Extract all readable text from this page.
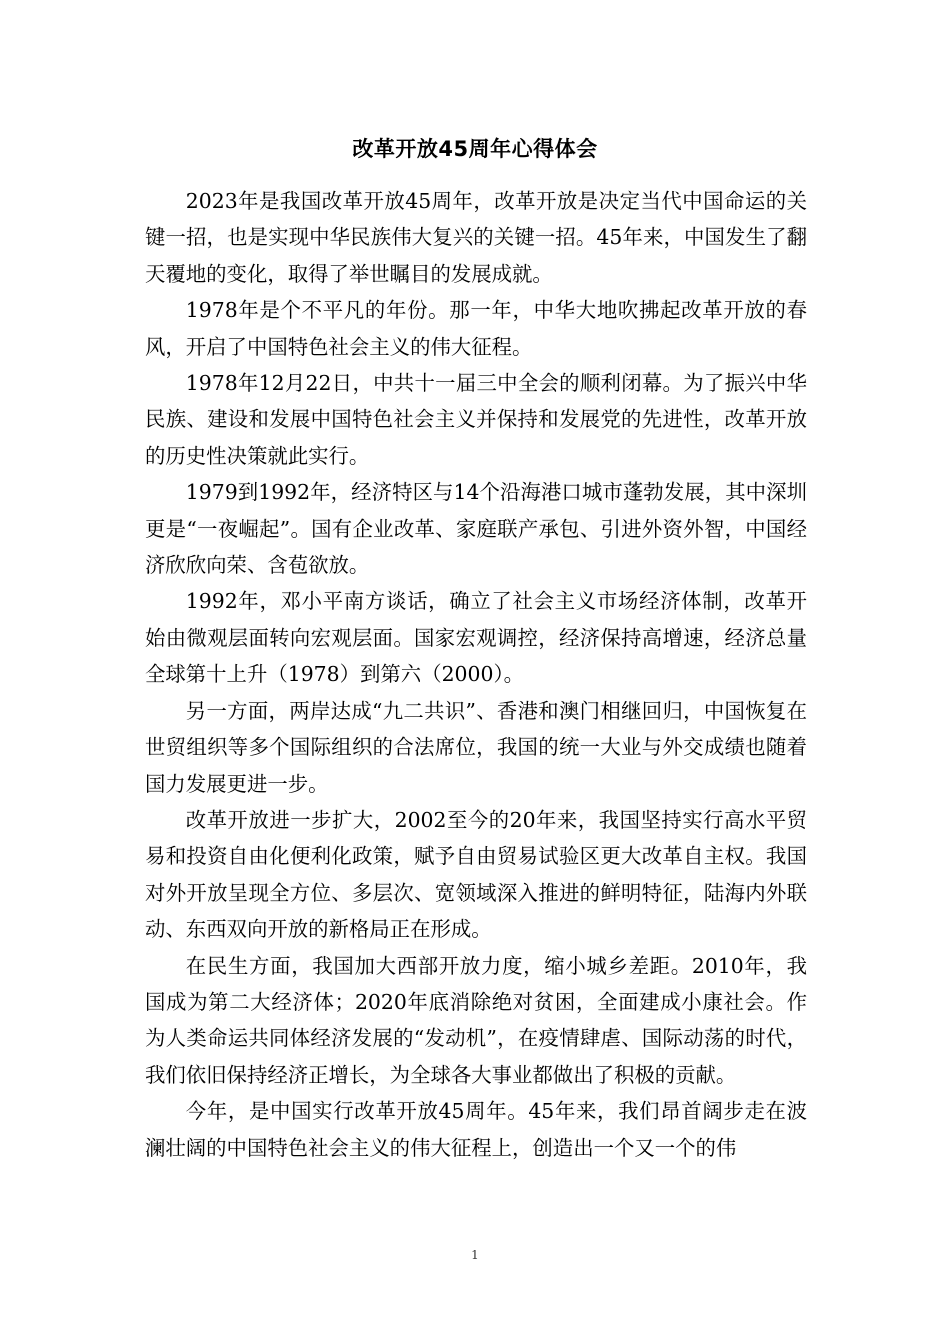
改革开放45周年心得体会

2023年是我国改革开放45周年，改革开放是决定当代中国命运的关键一招，也是实现中华民族伟大复兴的关键一招。45年来，中国发生了翻天覆地的变化，取得了举世瞩目的发展成就。

1978年是个不平凡的年份。那一年，中华大地吹拂起改革开放的春风，开启了中国特色社会主义的伟大征程。

1978年12月22日，中共十一届三中全会的顺利闭幕。为了振兴中华民族、建设和发展中国特色社会主义并保持和发展党的先进性，改革开放的历史性决策就此实行。

1979到1992年，经济特区与14个沿海港口城市蓬勃发展，其中深圳更是“一夜崛起”。国有企业改革、家庭联产承包、引进外资外智，中国经济欣欣向荣、含苞欲放。

1992年，邓小平南方谈话，确立了社会主义市场经济体制，改革开始由微观层面转向宏观层面。国家宏观调控，经济保持高增速，经济总量全球第十上升（1978）到第六（2000）。

另一方面，两岸达成“九二共识”、香港和澳门相继回归，中国恢复在世贸组织等多个国际组织的合法席位，我国的统一大业与外交成绩也随着国力发展更进一步。

改革开放进一步扩大，2002至今的20年来，我国坚持实行高水平贸易和投资自由化便利化政策，赋予自由贸易试验区更大改革自主权。我国对外开放呈现全方位、多层次、宽领域深入推进的鲜明特征，陆海内外联动、东西双向开放的新格局正在形成。

在民生方面，我国加大西部开放力度，缩小城乡差距。2010年，我国成为第二大经济体；2020年底消除绝对贫困，全面建成小康社会。作为人类命运共同体经济发展的“发动机”，在疫情肆虐、国际动荡的时代，我们依旧保持经济正增长，为全球各大事业都做出了积极的贡献。

今年，是中国实行改革开放45周年。45年来，我们昂首阔步走在波澜壮阔的中国特色社会主义的伟大征程上，创造出一个又一个的伟

1
